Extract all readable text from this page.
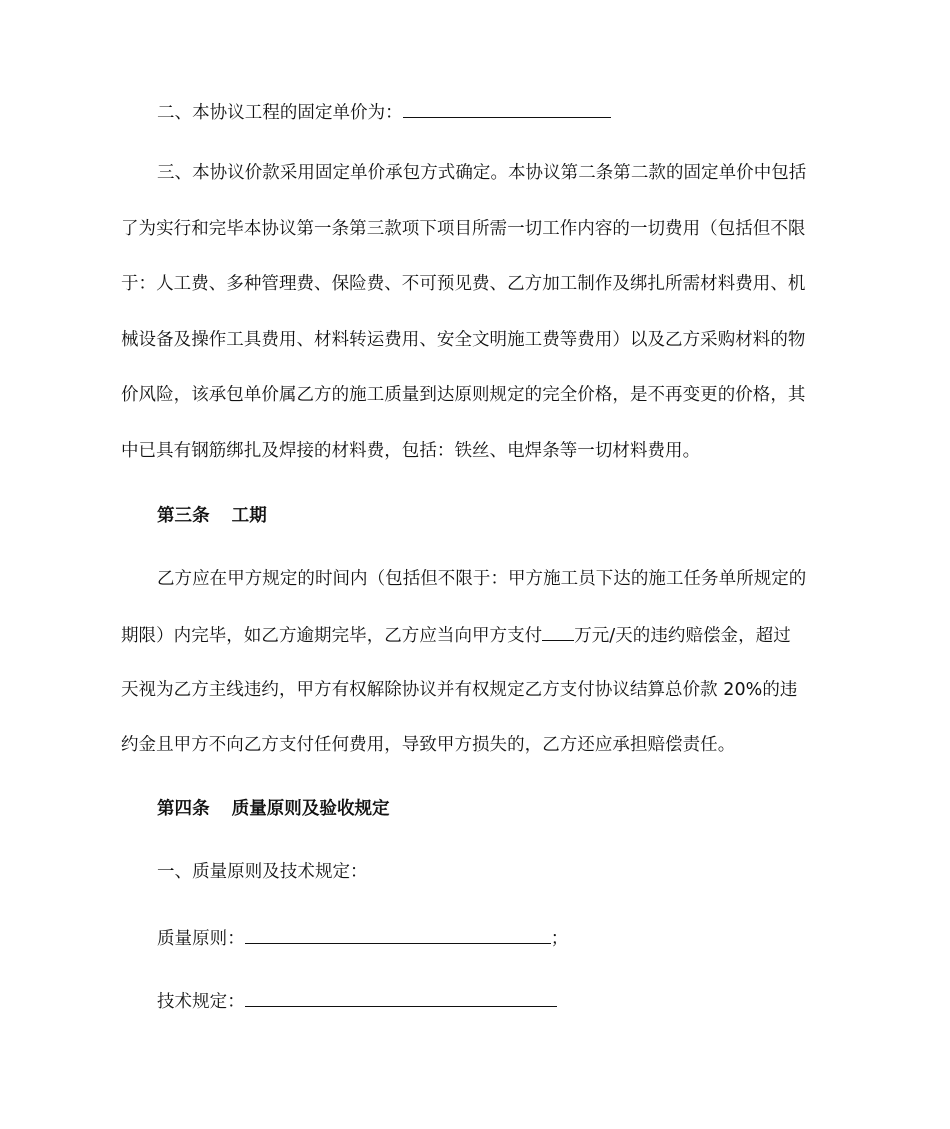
二、本协议工程的固定单价为：
三、本协议价款采用固定单价承包方式确定。本协议第二条第二款的固定单价中包括
了为实行和完毕本协议第一条第三款项下项目所需一切工作内容的一切费用（包括但不限
于：人工费、多种管理费、保险费、不可预见费、乙方加工制作及绑扎所需材料费用、机
械设备及操作工具费用、材料转运费用、安全文明施工费等费用）以及乙方采购材料的物
价风险，该承包单价属乙方的施工质量到达原则规定的完全价格，是不再变更的价格，其
中已具有钢筋绑扎及焊接的材料费，包括：铁丝、电焊条等一切材料费用。
第三条 工期
乙方应在甲方规定的时间内（包括但不限于：甲方施工员下达的施工任务单所规定的
期限）内完毕，如乙方逾期完毕，乙方应当向甲方支付 万元/天的违约赔偿金，超过
天视为乙方主线违约，甲方有权解除协议并有权规定乙方支付协议结算总价款 20%的违
约金且甲方不向乙方支付任何费用，导致甲方损失的，乙方还应承担赔偿责任。
第四条 质量原则及验收规定
一、质量原则及技术规定：
质量原则：	；
技术规定：
